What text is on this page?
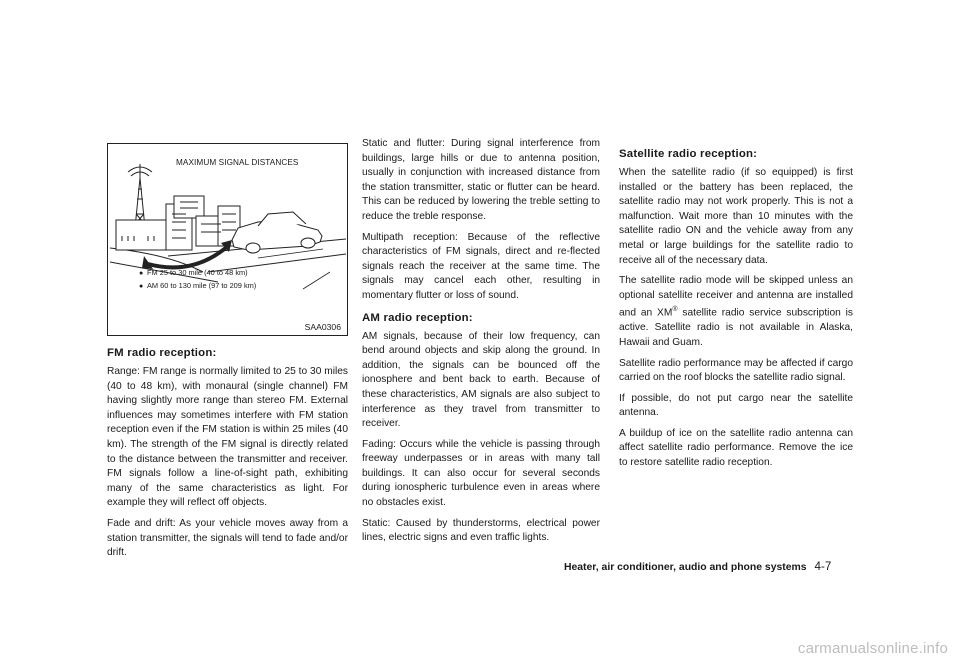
MAXIMUM SIGNAL DISTANCES
● FM 25 to 30 mile (40 to 48 km)
● AM 60 to 130 mile (97 to 209 km)
SAA0306
FM radio reception:

Range: FM range is normally limited to 25 to 30 miles (40 to 48 km), with monaural (single channel) FM having slightly more range than stereo FM. External influences may sometimes interfere with FM station reception even if the FM station is within 25 miles (40 km). The strength of the FM signal is directly related to the distance between the transmitter and receiver. FM signals follow a line-of-sight path, exhibiting many of the same characteristics as light. For example they will reflect off objects.

Fade and drift: As your vehicle moves away from a station transmitter, the signals will tend to fade and/or drift.

Static and flutter: During signal interference from buildings, large hills or due to antenna position, usually in conjunction with increased distance from the station transmitter, static or flutter can be heard. This can be reduced by lowering the treble setting to reduce the treble response.

Multipath reception: Because of the reflective characteristics of FM signals, direct and re-flected signals reach the receiver at the same time. The signals may cancel each other, resulting in momentary flutter or loss of sound.

AM radio reception:

AM signals, because of their low frequency, can bend around objects and skip along the ground. In addition, the signals can be bounced off the ionosphere and bent back to earth. Because of these characteristics, AM signals are also subject to interference as they travel from transmitter to receiver.

Fading: Occurs while the vehicle is passing through freeway underpasses or in areas with many tall buildings. It can also occur for several seconds during ionospheric turbulence even in areas where no obstacles exist.

Static: Caused by thunderstorms, electrical power lines, electric signs and even traffic lights.

Satellite radio reception:

When the satellite radio (if so equipped) is first installed or the battery has been replaced, the satellite radio may not work properly. This is not a malfunction. Wait more than 10 minutes with the satellite radio ON and the vehicle away from any metal or large buildings for the satellite radio to receive all of the necessary data.

The satellite radio mode will be skipped unless an optional satellite receiver and antenna are installed and an XM® satellite radio service subscription is active. Satellite radio is not available in Alaska, Hawaii and Guam.

Satellite radio performance may be affected if cargo carried on the roof blocks the satellite radio signal.

If possible, do not put cargo near the satellite antenna.

A buildup of ice on the satellite radio antenna can affect satellite radio performance. Remove the ice to restore satellite radio reception.

Heater, air conditioner, audio and phone systems 4-7
carmanualsonline.info
